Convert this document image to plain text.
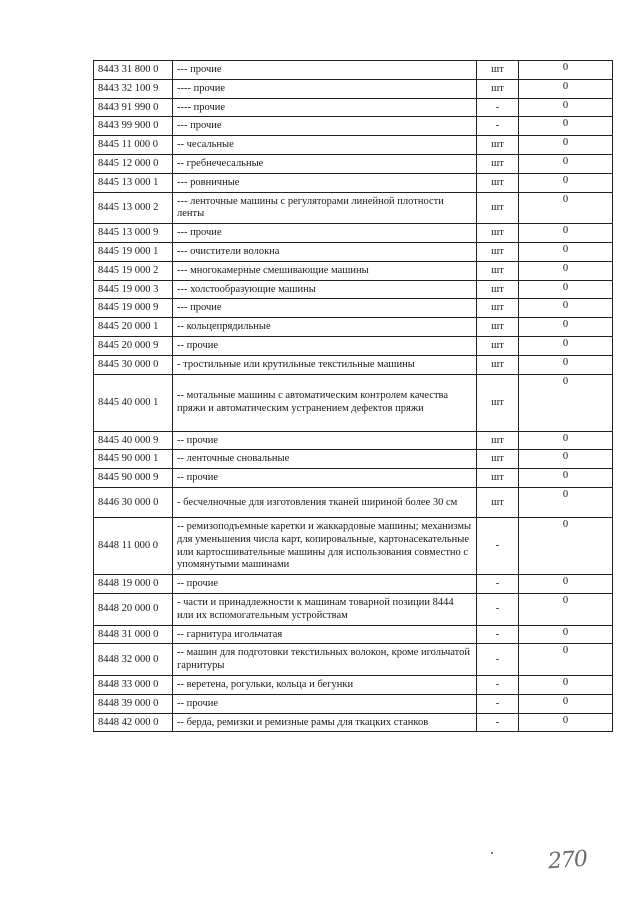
8443 31 800 0	--- прочие	шт	0
8443 32 100 9	---- прочие	шт	0
8443 91 990 0	---- прочие	-	0
8443 99 900 0	--- прочие	-	0
8445 11 000 0	-- чесальные	шт	0
8445 12 000 0	-- гребнечесальные	шт	0
8445 13 000 1	--- ровничные	шт	0
8445 13 000 2	--- ленточные машины с регуляторами линейной плотности ленты	шт	0
8445 13 000 9	--- прочие	шт	0
8445 19 000 1	--- очистители волокна	шт	0
8445 19 000 2	--- многокамерные смешивающие машины	шт	0
8445 19 000 3	--- холстообразующие машины	шт	0
8445 19 000 9	--- прочие	шт	0
8445 20 000 1	-- кольцепрядильные	шт	0
8445 20 000 9	-- прочие	шт	0
8445 30 000 0	- тростильные или крутильные текстильные машины	шт	0
8445 40 000 1	-- мотальные машины с автоматическим контролем качества пряжи и автоматическим устранением дефектов пряжи	шт	0
8445 40 000 9	-- прочие	шт	0
8445 90 000 1	-- ленточные сновальные	шт	0
8445 90 000 9	-- прочие	шт	0
8446 30 000 0	- бесчелночные для изготовления тканей шириной более 30 см	шт	0
8448 11 000 0	-- ремизоподъемные каретки и жаккардовые машины; механизмы для уменьшения числа карт, копировальные, картонасекательные или картосшивательные машины для использования совместно с упомянутыми машинами	-	0
8448 19 000 0	-- прочие	-	0
8448 20 000 0	- части и принадлежности к машинам товарной позиции 8444 или их вспомогательным устройствам	-	0
8448 31 000 0	-- гарнитура игольчатая	-	0
8448 32 000 0	-- машин для подготовки текстильных волокон, кроме игольчатой гарнитуры	-	0
8448 33 000 0	-- веретена, рогульки, кольца и бегунки	-	0
8448 39 000 0	-- прочие	-	0
8448 42 000 0	-- берда, ремизки и ремизные рамы для ткацких станков	-	0
270
